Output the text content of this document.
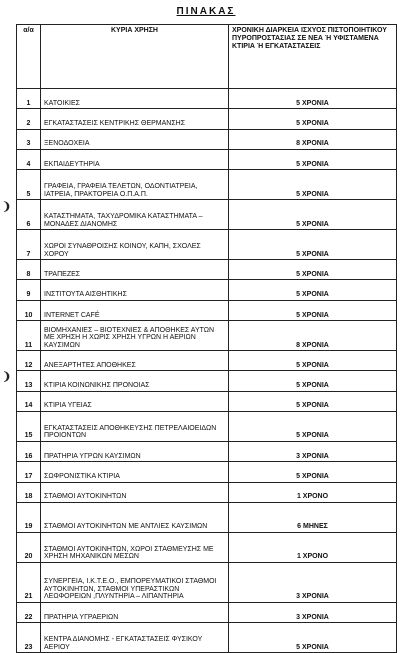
ΠΙΝΑΚΑΣ
❩
❩
α/α	ΚΥΡΙΑ ΧΡΗΣΗ	ΧΡΟΝΙΚΗ ΔΙΑΡΚΕΙΑ ΙΣΧΥΟΣ ΠΙΣΤΟΠΟΙΗΤΙΚΟΥ ΠΥΡΟΠΡΟΣΤΑΣΙΑΣ ΣΕ ΝΕΑ Ή ΥΦΙΣΤΑΜΕΝΑ ΚΤΙΡΙΑ Ή ΕΓΚΑΤΑΣΤΑΣΕΙΣ
1	ΚΑΤΟΙΚΙΕΣ	5 ΧΡΟΝΙΑ
2	ΕΓΚΑΤΑΣΤΑΣΕΙΣ ΚΕΝΤΡΙΚΗΣ ΘΕΡΜΑΝΣΗΣ	5 ΧΡΟΝΙΑ
3	ΞΕΝΟΔΟΧΕΙΑ	8 ΧΡΟΝΙΑ
4	ΕΚΠΑΙΔΕΥΤΗΡΙΑ	5 ΧΡΟΝΙΑ
5	ΓΡΑΦΕΙΑ, ΓΡΑΦΕΙΑ ΤΕΛΕΤΩΝ, ΟΔΟΝΤΙΑΤΡΕΙΑ, ΙΑΤΡΕΙΑ, ΠΡΑΚΤΟΡΕΙΑ Ο.Π.Α.Π.	5 ΧΡΟΝΙΑ
6	ΚΑΤΑΣΤΗΜΑΤΑ, ΤΑΧΥΔΡΟΜΙΚΑ ΚΑΤΑΣΤΗΜΑΤΑ – ΜΟΝΑΔΕΣ ΔΙΑΝΟΜΗΣ	5 ΧΡΟΝΙΑ
7	ΧΩΡΟΙ ΣΥΝΑΘΡΟΙΣΗΣ ΚΟΙΝΟΥ, ΚΑΠΗ, ΣΧΟΛΕΣ ΧΟΡΟΥ	5 ΧΡΟΝΙΑ
8	ΤΡΑΠΕΖΕΣ	5 ΧΡΟΝΙΑ
9	ΙΝΣΤΙΤΟΥΤΑ ΑΙΣΘΗΤΙΚΗΣ	5 ΧΡΟΝΙΑ
10	INTERNET CAFÉ	5 ΧΡΟΝΙΑ
11	ΒΙΟΜΗΧΑΝΙΕΣ – ΒΙΟΤΕΧΝΙΕΣ & ΑΠΟΘΗΚΕΣ ΑΥΤΩΝ ΜΕ ΧΡΗΣΗ Η ΧΩΡΙΣ ΧΡΗΣΗ ΥΓΡΩΝ Η ΑΕΡΙΩΝ ΚΑΥΣΙΜΩΝ	8 ΧΡΟΝΙΑ
12	ΑΝΕΞΑΡΤΗΤΕΣ ΑΠΟΘΗΚΕΣ	5 ΧΡΟΝΙΑ
13	ΚΤΙΡΙΑ ΚΟΙΝΩΝΙΚΗΣ ΠΡΟΝΟΙΑΣ	5 ΧΡΟΝΙΑ
14	ΚΤΙΡΙΑ ΥΓΕΙΑΣ	5 ΧΡΟΝΙΑ
15	ΕΓΚΑΤΑΣΤΑΣΕΙΣ ΑΠΟΘΗΚΕΥΣΗΣ ΠΕΤΡΕΛΑΙΟΕΙΔΩΝ ΠΡΟΙΟΝΤΩΝ	5 ΧΡΟΝΙΑ
16	ΠΡΑΤΗΡΙΑ ΥΓΡΩΝ ΚΑΥΣΙΜΩΝ	3 ΧΡΟΝΙΑ
17	ΣΩΦΡΟΝΙΣΤΙΚΑ ΚΤΙΡΙΑ	5 ΧΡΟΝΙΑ
18	ΣΤΑΘΜΟΙ ΑΥΤΟΚΙΝΗΤΩΝ	1 ΧΡΟΝΟ
19	ΣΤΑΘΜΟΙ ΑΥΤΟΚΙΝΗΤΩΝ ΜΕ ΑΝΤΛΙΕΣ ΚΑΥΣΙΜΩΝ	6 ΜΗΝΕΣ
20	ΣΤΑΘΜΟΙ ΑΥΤΟΚΙΝΗΤΩΝ, ΧΩΡΟΙ ΣΤΑΘΜΕΥΣΗΣ ΜΕ ΧΡΗΣΗ ΜΗΧΑΝΙΚΩΝ ΜΕΣΩΝ	1 ΧΡΟΝΟ
21	ΣΥΝΕΡΓΕΙΑ, Ι.Κ.Τ.Ε.Ο., ΕΜΠΟΡΕΥΜΑΤΙΚΟΙ ΣΤΑΘΜΟΙ ΑΥΤΟΚΙΝΗΤΩΝ, ΣΤΑΘΜΟΙ ΥΠΕΡΑΣΤΙΚΩΝ ΛΕΩΦΟΡΕΙΩΝ ,ΠΛΥΝΤΗΡΙΑ – ΛΙΠΑΝΤΗΡΙΑ	3 ΧΡΟΝΙΑ
22	ΠΡΑΤΗΡΙΑ ΥΓΡΑΕΡΙΩΝ	3 ΧΡΟΝΙΑ
23	ΚΕΝΤΡΑ ΔΙΑΝΟΜΗΣ - ΕΓΚΑΤΑΣΤΑΣΕΙΣ ΦΥΣΙΚΟΥ ΑΕΡΙΟΥ	5 ΧΡΟΝΙΑ
